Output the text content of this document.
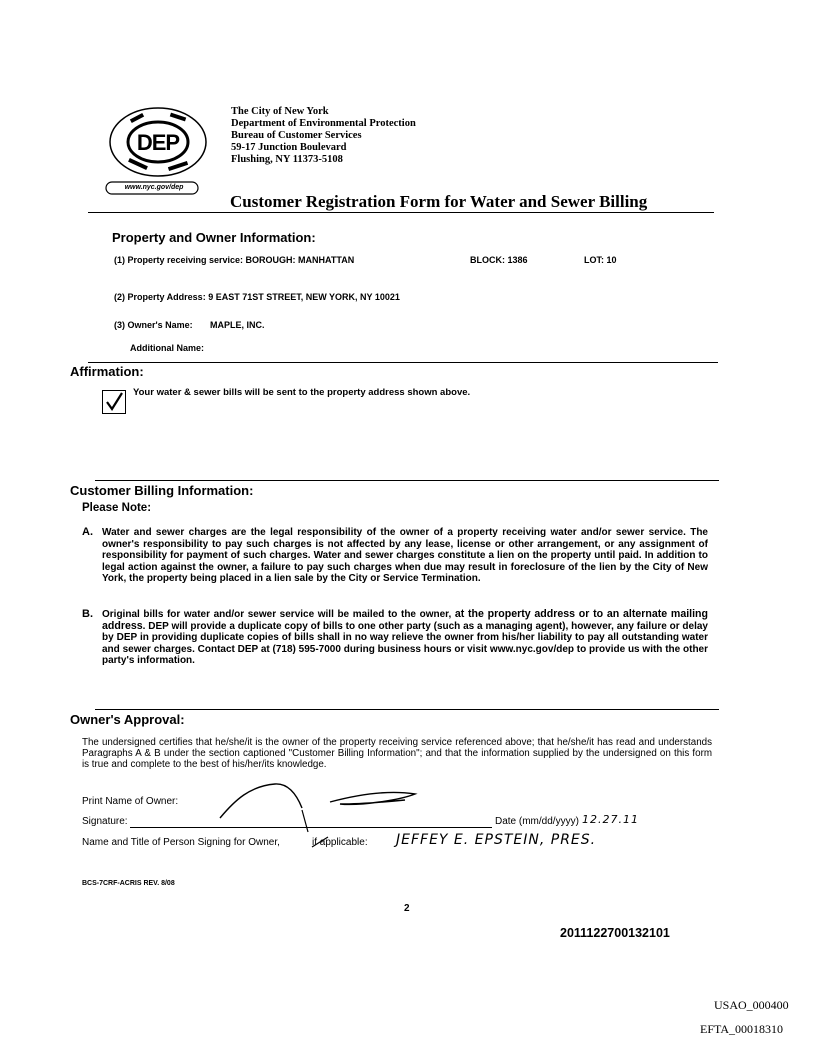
DEP
www.nyc.gov/dep
The City of New York
Department of Environmental Protection
Bureau of Customer Services
59-17 Junction Boulevard
Flushing, NY 11373-5108
Customer Registration Form for Water and Sewer Billing
Property and Owner Information:
(1) Property receiving service: BOROUGH: MANHATTAN	BLOCK: 1386	LOT: 10
(2) Property Address: 9 EAST 71ST STREET, NEW YORK, NY 10021
(3) Owner's Name: MAPLE, INC.
Additional Name:
Affirmation:
Your water & sewer bills will be sent to the property address shown above.
Customer Billing Information:
Please Note:
A. Water and sewer charges are the legal responsibility of the owner of a property receiving water and/or sewer service. The owner's responsibility to pay such charges is not affected by any lease, license or other arrangement, or any assignment of responsibility for payment of such charges. Water and sewer charges constitute a lien on the property until paid. In addition to legal action against the owner, a failure to pay such charges when due may result in foreclosure of the lien by the City of New York, the property being placed in a lien sale by the City or Service Termination.
B. Original bills for water and/or sewer service will be mailed to the owner, at the property address or to an alternate mailing address. DEP will provide a duplicate copy of bills to one other party (such as a managing agent), however, any failure or delay by DEP in providing duplicate copies of bills shall in no way relieve the owner from his/her liability to pay all outstanding water and sewer charges. Contact DEP at (718) 595-7000 during business hours or visit www.nyc.gov/dep to provide us with the other party's information.
Owner's Approval:
The undersigned certifies that he/she/it is the owner of the property receiving service referenced above; that he/she/it has read and understands Paragraphs A & B under the section captioned "Customer Billing Information"; and that the information supplied by the undersigned on this form is true and complete to the best of his/her/its knowledge.
Print Name of Owner:
Signature:	Date (mm/dd/yyyy) 12.27.11
Name and Title of Person Signing for Owner,	if applicable: JEFFEY E. EPSTEIN, PRES.
BCS-7CRF-ACRIS REV. 8/08
2
2011122700132101
USAO_000400
EFTA_00018310
